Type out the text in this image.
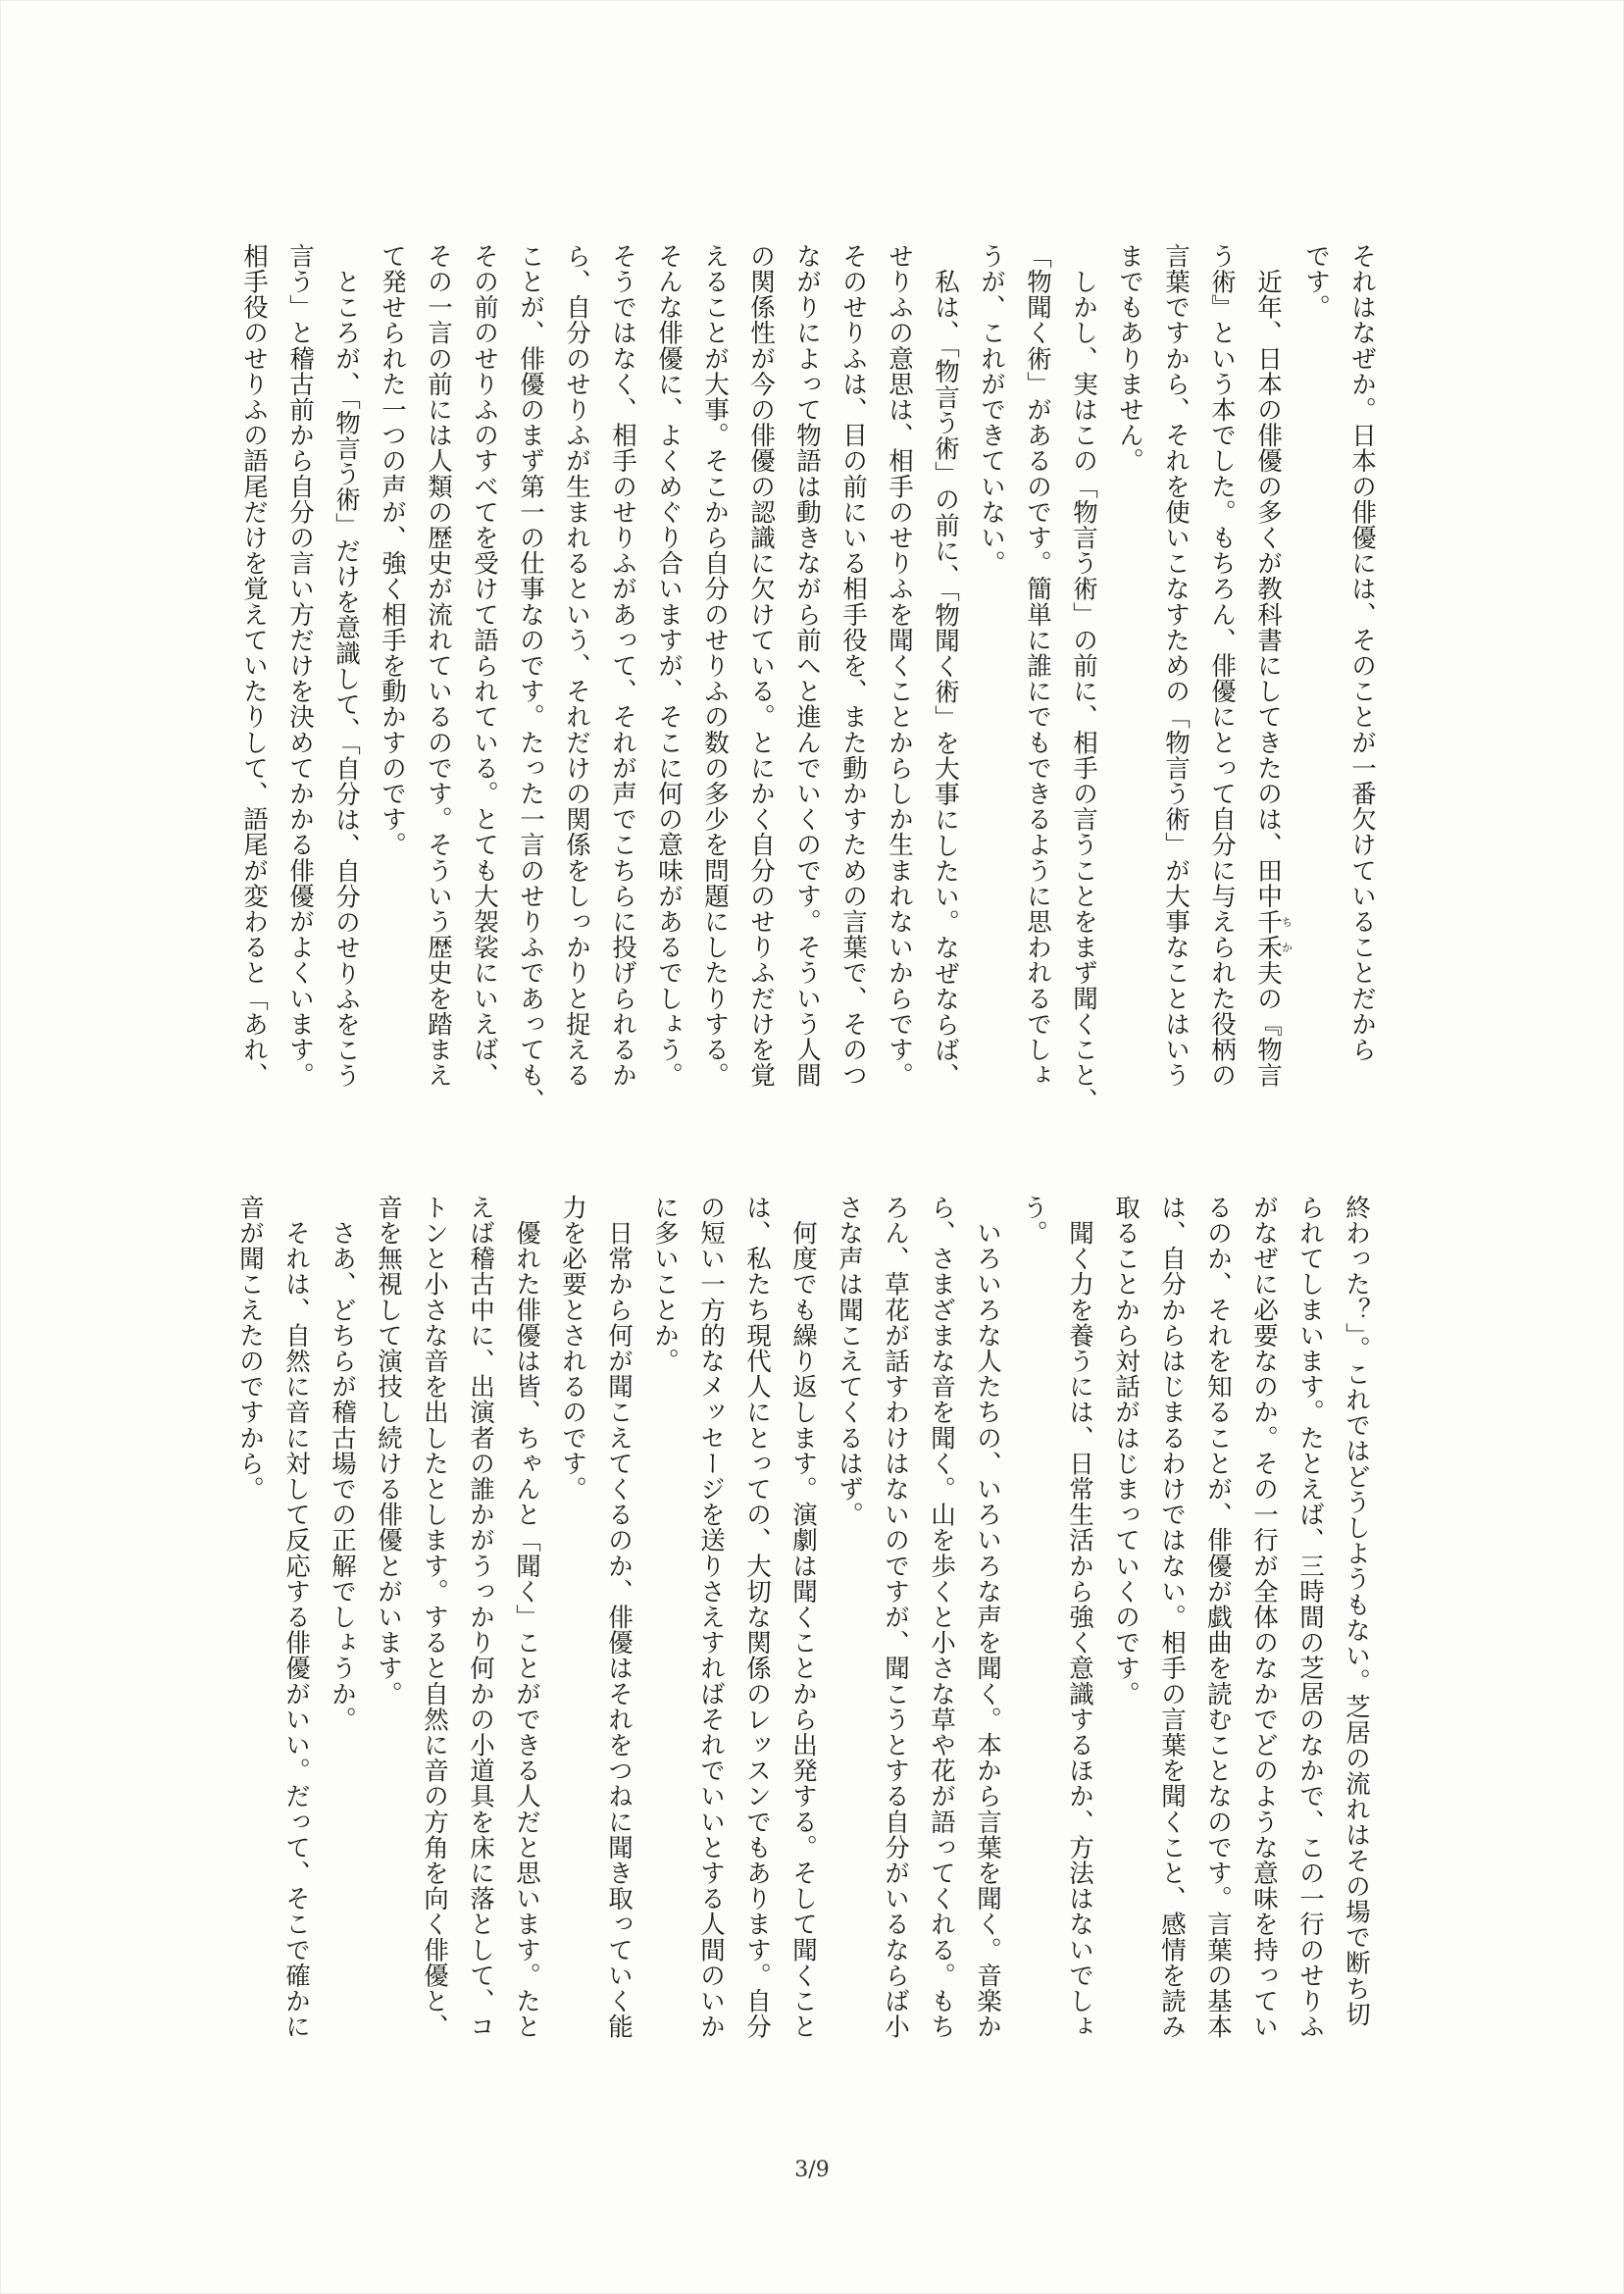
それはなぜか。日本の俳優には、そのことが一番欠けていることだから
です。
　近年、日本の俳優の多くが教科書にしてきたのは、田中千禾ちか夫の『物言
う術』という本でした。もちろん、俳優にとって自分に与えられた役柄の
言葉ですから、それを使いこなすための「物言う術」が大事なことはいう
までもありません。
　しかし、実はこの「物言う術」の前に、相手の言うことをまず聞くこと、
「物聞く術」があるのです。簡単に誰にでもできるように思われるでしょ
うが、これができていない。
　私は、「物言う術」の前に、「物聞く術」を大事にしたい。なぜならば、
せりふの意思は、相手のせりふを聞くことからしか生まれないからです。
そのせりふは、目の前にいる相手役を、また動かすための言葉で、そのつ
ながりによって物語は動きながら前へと進んでいくのです。そういう人間
の関係性が今の俳優の認識に欠けている。とにかく自分のせりふだけを覚
えることが大事。そこから自分のせりふの数の多少を問題にしたりする。
そんな俳優に、よくめぐり合いますが、そこに何の意味があるでしょう。
そうではなく、相手のせりふがあって、それが声でこちらに投げられるか
ら、自分のせりふが生まれるという、それだけの関係をしっかりと捉える
ことが、俳優のまず第一の仕事なのです。たった一言のせりふであっても、
その前のせりふのすべてを受けて語られている。とても大袈裟にいえば、
その一言の前には人類の歴史が流れているのです。そういう歴史を踏まえ
て発せられた一つの声が、強く相手を動かすのです。
　ところが、「物言う術」だけを意識して、「自分は、自分のせりふをこう
言う」と稽古前から自分の言い方だけを決めてかかる俳優がよくいます。
相手役のせりふの語尾だけを覚えていたりして、語尾が変わると「あれ、
終わった？」。これではどうしようもない。芝居の流れはその場で断ち切
られてしまいます。たとえば、三時間の芝居のなかで、この一行のせりふ
がなぜに必要なのか。その一行が全体のなかでどのような意味を持ってい
るのか、それを知ることが、俳優が戯曲を読むことなのです。言葉の基本
は、自分からはじまるわけではない。相手の言葉を聞くこと、感情を読み
取ることから対話がはじまっていくのです。
　聞く力を養うには、日常生活から強く意識するほか、方法はないでしょ
う。
　いろいろな人たちの、いろいろな声を聞く。本から言葉を聞く。音楽か
ら、さまざまな音を聞く。山を歩くと小さな草や花が語ってくれる。もち
ろん、草花が話すわけはないのですが、聞こうとする自分がいるならば小
さな声は聞こえてくるはず。
　何度でも繰り返します。演劇は聞くことから出発する。そして聞くこと
は、私たち現代人にとっての、大切な関係のレッスンでもあります。自分
の短い一方的なメッセージを送りさえすればそれでいいとする人間のいか
に多いことか。
　日常から何が聞こえてくるのか、俳優はそれをつねに聞き取っていく能
力を必要とされるのです。
　優れた俳優は皆、ちゃんと「聞く」ことができる人だと思います。たと
えば稽古中に、出演者の誰かがうっかり何かの小道具を床に落として、コ
トンと小さな音を出したとします。すると自然に音の方角を向く俳優と、
音を無視して演技し続ける俳優とがいます。
　さあ、どちらが稽古場での正解でしょうか。
　それは、自然に音に対して反応する俳優がいい。だって、そこで確かに
音が聞こえたのですから。
3/9
